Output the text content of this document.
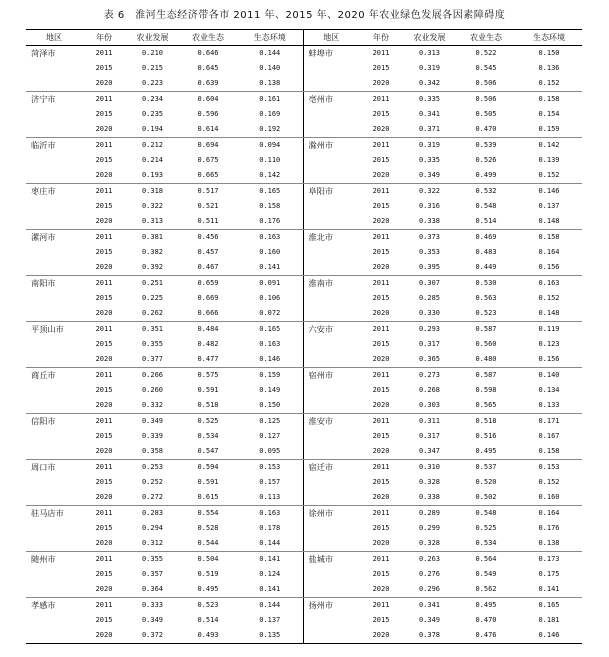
表 6　淮河生态经济带各市 2011 年、2015 年、2020 年农业绿色发展各因素障碍度
地区	年份	农业发展	农业生态	生态环境	地区	年份	农业发展	农业生态	生态环境
菏泽市	2011	0.210	0.646	0.144	蚌埠市	2011	0.313	0.522	0.150
	2015	0.215	0.645	0.140		2015	0.319	0.545	0.136
	2020	0.223	0.639	0.138		2020	0.342	0.506	0.152
济宁市	2011	0.234	0.604	0.161	亳州市	2011	0.335	0.506	0.158
	2015	0.235	0.596	0.169		2015	0.341	0.505	0.154
	2020	0.194	0.614	0.192		2020	0.371	0.470	0.159
临沂市	2011	0.212	0.694	0.094	滁州市	2011	0.319	0.539	0.142
	2015	0.214	0.675	0.110		2015	0.335	0.526	0.139
	2020	0.193	0.665	0.142		2020	0.349	0.499	0.152
枣庄市	2011	0.318	0.517	0.165	阜阳市	2011	0.322	0.532	0.146
	2015	0.322	0.521	0.158		2015	0.316	0.548	0.137
	2020	0.313	0.511	0.176		2020	0.338	0.514	0.148
漯河市	2011	0.381	0.456	0.163	淮北市	2011	0.373	0.469	0.158
	2015	0.382	0.457	0.160		2015	0.353	0.483	0.164
	2020	0.392	0.467	0.141		2020	0.395	0.449	0.156
南阳市	2011	0.251	0.659	0.091	淮南市	2011	0.307	0.530	0.163
	2015	0.225	0.669	0.106		2015	0.285	0.563	0.152
	2020	0.262	0.666	0.072		2020	0.330	0.523	0.148
平顶山市	2011	0.351	0.484	0.165	六安市	2011	0.293	0.587	0.119
	2015	0.355	0.482	0.163		2015	0.317	0.560	0.123
	2020	0.377	0.477	0.146		2020	0.365	0.480	0.156
商丘市	2011	0.266	0.575	0.159	宿州市	2011	0.273	0.587	0.140
	2015	0.260	0.591	0.149		2015	0.268	0.598	0.134
	2020	0.332	0.518	0.150		2020	0.303	0.565	0.133
信阳市	2011	0.349	0.525	0.125	淮安市	2011	0.311	0.518	0.171
	2015	0.339	0.534	0.127		2015	0.317	0.516	0.167
	2020	0.358	0.547	0.095		2020	0.347	0.495	0.158
周口市	2011	0.253	0.594	0.153	宿迁市	2011	0.310	0.537	0.153
	2015	0.252	0.591	0.157		2015	0.328	0.520	0.152
	2020	0.272	0.615	0.113		2020	0.338	0.502	0.160
驻马店市	2011	0.283	0.554	0.163	徐州市	2011	0.289	0.548	0.164
	2015	0.294	0.528	0.178		2015	0.299	0.525	0.176
	2020	0.312	0.544	0.144		2020	0.328	0.534	0.138
随州市	2011	0.355	0.504	0.141	盐城市	2011	0.263	0.564	0.173
	2015	0.357	0.519	0.124		2015	0.276	0.549	0.175
	2020	0.364	0.495	0.141		2020	0.296	0.562	0.141
孝感市	2011	0.333	0.523	0.144	扬州市	2011	0.341	0.495	0.165
	2015	0.349	0.514	0.137		2015	0.349	0.470	0.181
	2020	0.372	0.493	0.135		2020	0.378	0.476	0.146
